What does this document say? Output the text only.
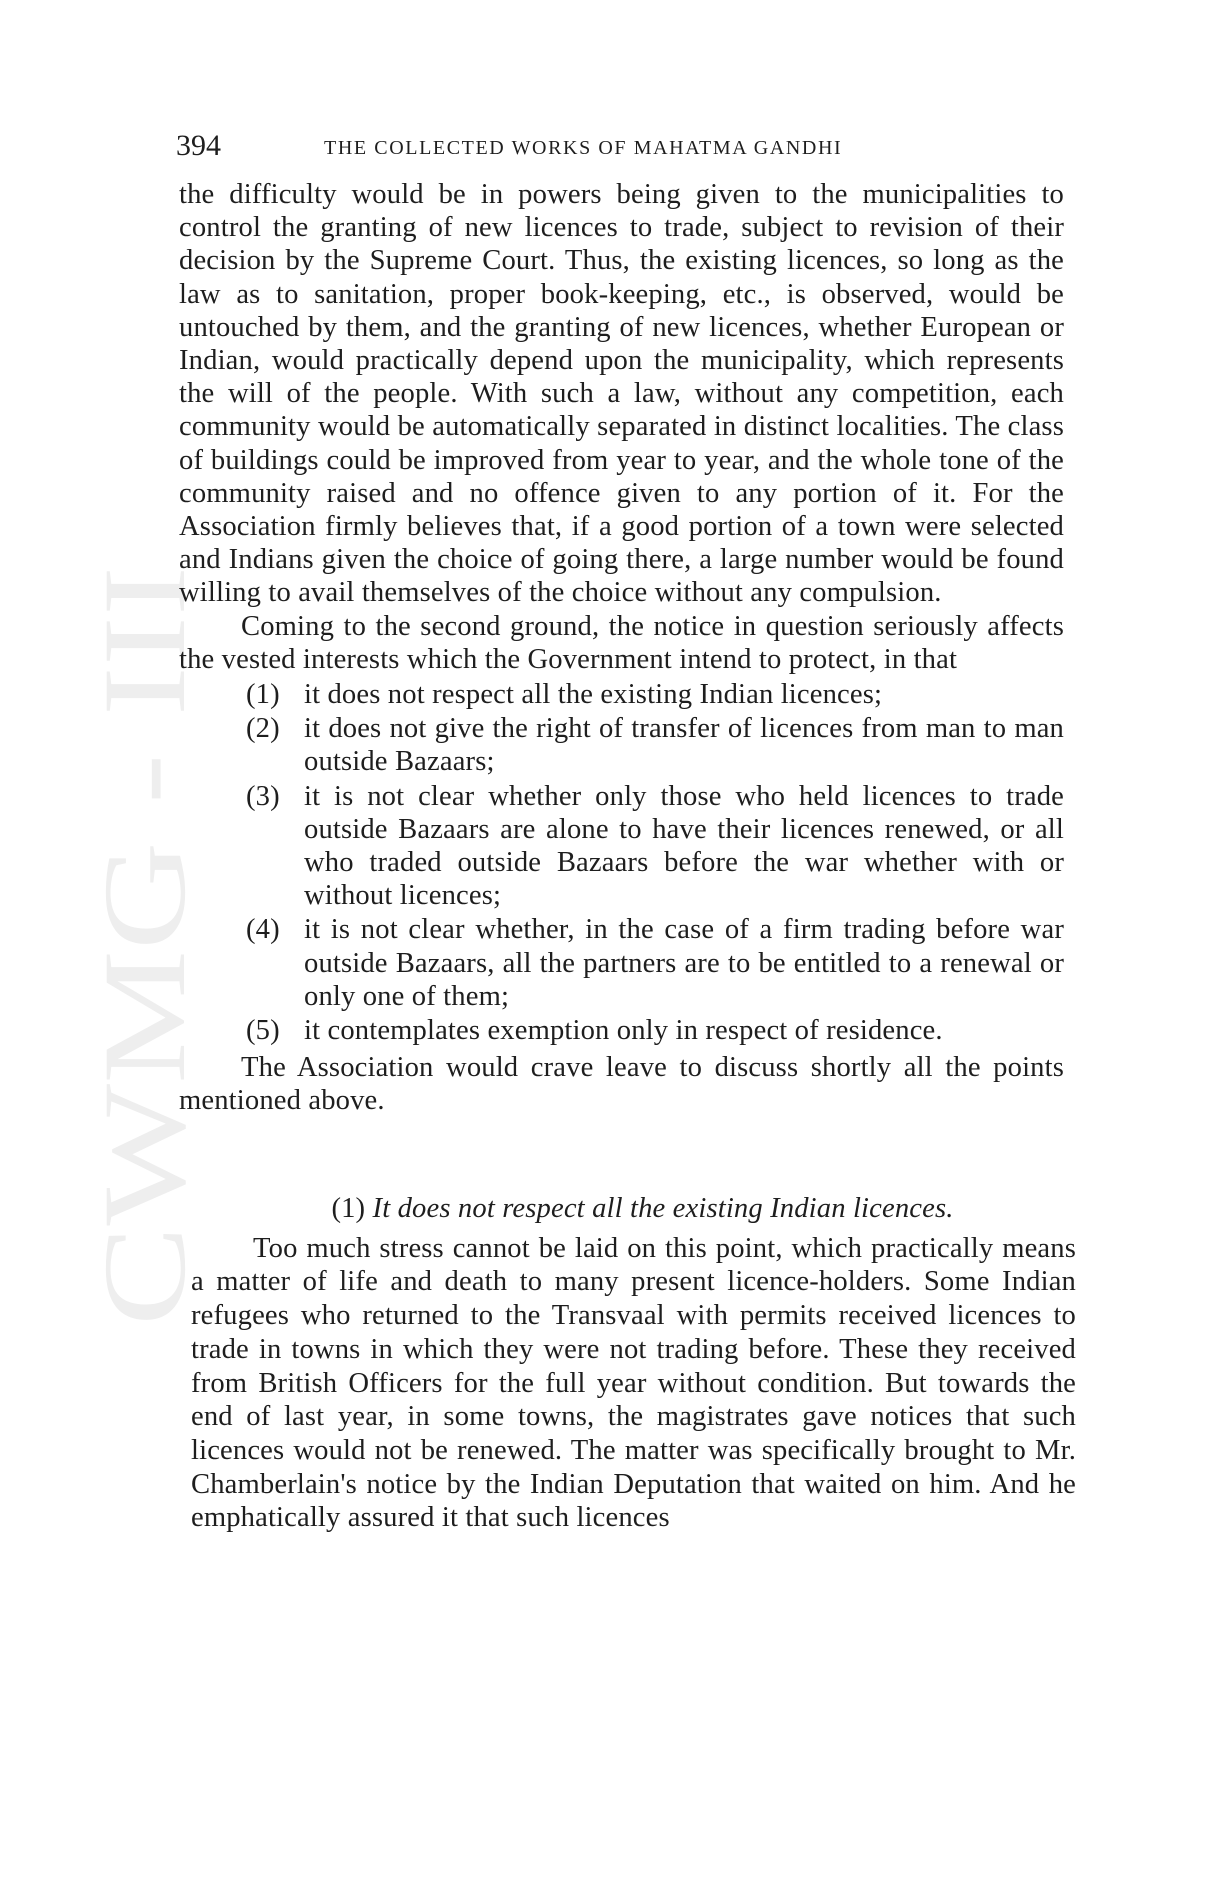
CWMG - III
394	THE COLLECTED WORKS OF MAHATMA GANDHI

the difficulty would be in powers being given to the municipalities to control the granting of new licences to trade, subject to revision of their decision by the Supreme Court. Thus, the existing licences, so long as the law as to sanitation, proper book-keeping, etc., is observed, would be untouched by them, and the granting of new licences, whether European or Indian, would practically depend upon the municipality, which represents the will of the people. With such a law, without any competition, each community would be automatically separated in distinct localities. The class of buildings could be improved from year to year, and the whole tone of the community raised and no offence given to any portion of it. For the Association firmly believes that, if a good portion of a town were selected and Indians given the choice of going there, a large number would be found willing to avail themselves of the choice without any compulsion.

Coming to the second ground, the notice in question seriously affects the vested interests which the Government intend to protect, in that

(1) it does not respect all the existing Indian licences;
(2) it does not give the right of transfer of licences from man to man outside Bazaars;
(3) it is not clear whether only those who held licences to trade outside Bazaars are alone to have their licences renewed, or all who traded outside Bazaars before the war whether with or without licences;
(4) it is not clear whether, in the case of a firm trading before war outside Bazaars, all the partners are to be entitled to a renewal or only one of them;
(5) it contemplates exemption only in respect of residence.

The Association would crave leave to discuss shortly all the points mentioned above.

(1) It does not respect all the existing Indian licences.

Too much stress cannot be laid on this point, which practically means a matter of life and death to many present licence-holders. Some Indian refugees who returned to the Transvaal with permits received licences to trade in towns in which they were not trading before. These they received from British Officers for the full year without condition. But towards the end of last year, in some towns, the magistrates gave notices that such licences would not be renewed. The matter was specifically brought to Mr. Chamberlain's notice by the Indian Deputation that waited on him. And he emphatically assured it that such licences
